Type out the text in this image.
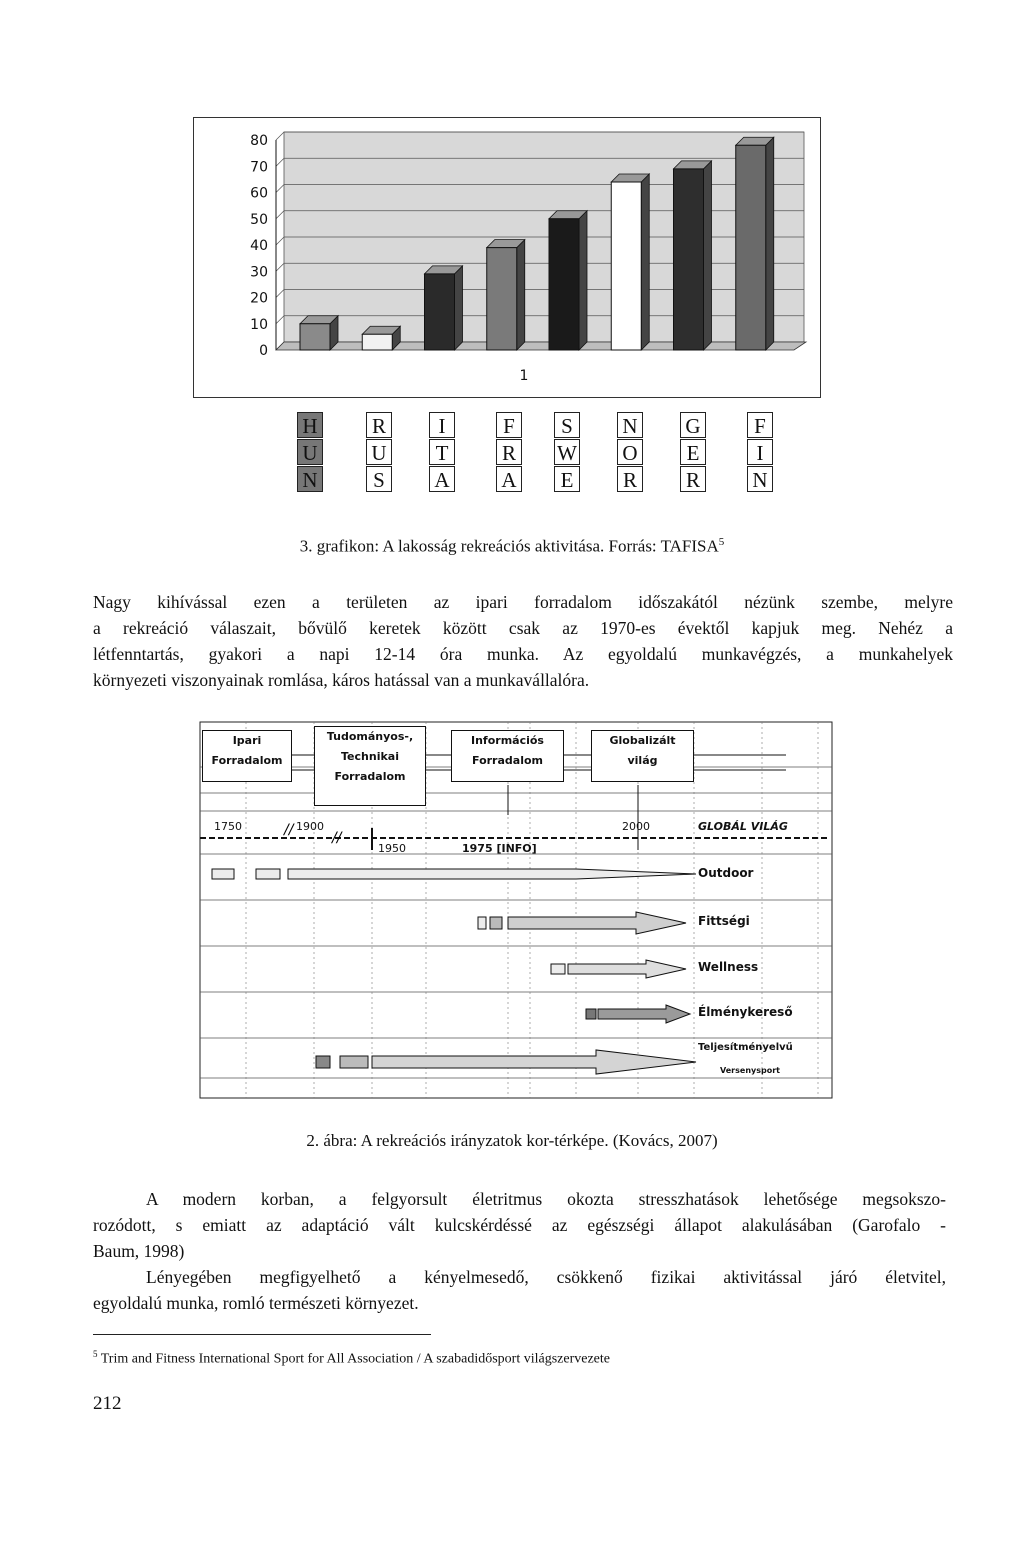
0
10
20
30
40
50
60
70
80
1
H
U
N
R
U
S
I
T
A
F
R
A
S
W
E
N
O
R
G
E
R
F
I
N
3. grafikon: A lakosság rekreációs aktivitása. Forrás: TAFISA$^5$
Nagy kihívással ezen a területen az ipari forradalom időszakától nézünk szembe, melyre
a rekreáció válaszait, bővülő keretek között csak az 1970-es évektől kapjuk meg. Nehéz a
létfenntartás, gyakori a napi 12-14 óra munka. Az egyoldalú munkavégzés, a munkahelyek
környezeti viszonyainak romlása, káros hatással van a munkavállalóra.
//	//
Ipari
Forradalom
Tudományos-,
Technikai
Forradalom
Információs
Forradalom
Globalizált
világ
1750	1900
1950	1975 [INFO]
2000	GLOBÁL VILÁG
Outdoor
Fittségi
Wellness
Élménykereső
Teljesítményelvű
Versenysport
2. ábra: A rekreációs irányzatok kor-térképe. (Kovács, 2007)
A modern korban, a felgyorsult életritmus okozta stresszhatások lehetősége megsokszo-
rozódott, s emiatt az adaptáció vált kulcskérdéssé az egészségi állapot alakulásában (Garofalo -
Baum, 1998)
Lényegében megfigyelhető a kényelmesedő, csökkenő fizikai aktivitással járó életvitel,
egyoldalú munka, romló természeti környezet.
$^5$ Trim and Fitness International Sport for All Association / A szabadidősport világszervezete
212
